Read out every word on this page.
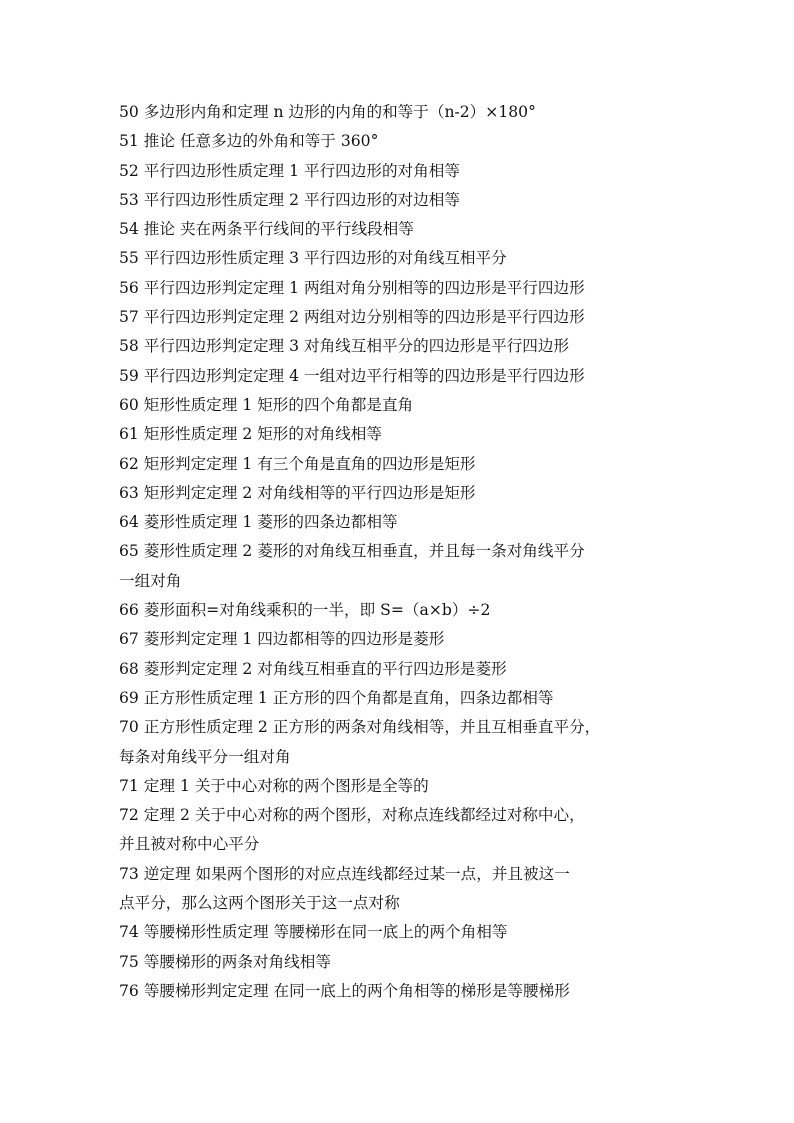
50 多边形内角和定理 n 边形的内角的和等于（n-2）×180°
51 推论 任意多边的外角和等于 360°
52 平行四边形性质定理 1 平行四边形的对角相等
53 平行四边形性质定理 2 平行四边形的对边相等
54 推论 夹在两条平行线间的平行线段相等
55 平行四边形性质定理 3 平行四边形的对角线互相平分
56 平行四边形判定定理 1 两组对角分别相等的四边形是平行四边形
57 平行四边形判定定理 2 两组对边分别相等的四边形是平行四边形
58 平行四边形判定定理 3 对角线互相平分的四边形是平行四边形
59 平行四边形判定定理 4 一组对边平行相等的四边形是平行四边形
60 矩形性质定理 1 矩形的四个角都是直角
61 矩形性质定理 2 矩形的对角线相等
62 矩形判定定理 1 有三个角是直角的四边形是矩形
63 矩形判定定理 2 对角线相等的平行四边形是矩形
64 菱形性质定理 1 菱形的四条边都相等
65 菱形性质定理 2 菱形的对角线互相垂直，并且每一条对角线平分
一组对角
66 菱形面积=对角线乘积的一半，即 S=（a×b）÷2
67 菱形判定定理 1 四边都相等的四边形是菱形
68 菱形判定定理 2 对角线互相垂直的平行四边形是菱形
69 正方形性质定理 1 正方形的四个角都是直角，四条边都相等
70 正方形性质定理 2 正方形的两条对角线相等，并且互相垂直平分，
每条对角线平分一组对角
71 定理 1 关于中心对称的两个图形是全等的
72 定理 2 关于中心对称的两个图形，对称点连线都经过对称中心，
并且被对称中心平分
73 逆定理 如果两个图形的对应点连线都经过某一点，并且被这一
点平分，那么这两个图形关于这一点对称
74 等腰梯形性质定理 等腰梯形在同一底上的两个角相等
75 等腰梯形的两条对角线相等
76 等腰梯形判定定理 在同一底上的两个角相等的梯形是等腰梯形
